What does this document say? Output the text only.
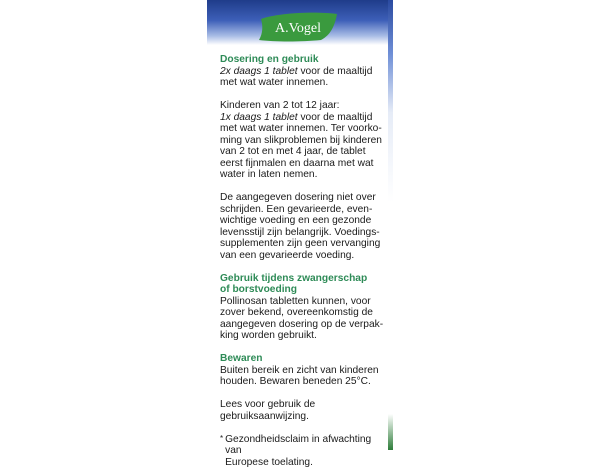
A.Vogel

Dosering en gebruik

2x daags 1 tablet voor de maaltijd

met wat water innemen.

Kinderen van 2 tot 12 jaar:

1x daags 1 tablet voor de maaltijd

met wat water innemen. Ter voorko-
ming van slikproblemen bij kinderen
van 2 tot en met 4 jaar, de tablet
eerst fijnmalen en daarna met wat
water in laten nemen.

De aangegeven dosering niet over
schrijden. Een gevarieerde, even-
wichtige voeding en een gezonde
levensstijl zijn belangrijk. Voedings-
supplementen zijn geen vervanging
van een gevarieerde voeding.

Gebruik tijdens zwangerschap
of borstvoeding

Pollinosan tabletten kunnen, voor
zover bekend, overeenkomstig de
aangegeven dosering op de verpak-
king worden gebruikt.

Bewaren

Buiten bereik en zicht van kinderen
houden. Bewaren beneden 25°C.

Lees voor gebruik de
gebruiksaanwijzing.

* Gezondheidsclaim in afwachting van
Europese toelating.
